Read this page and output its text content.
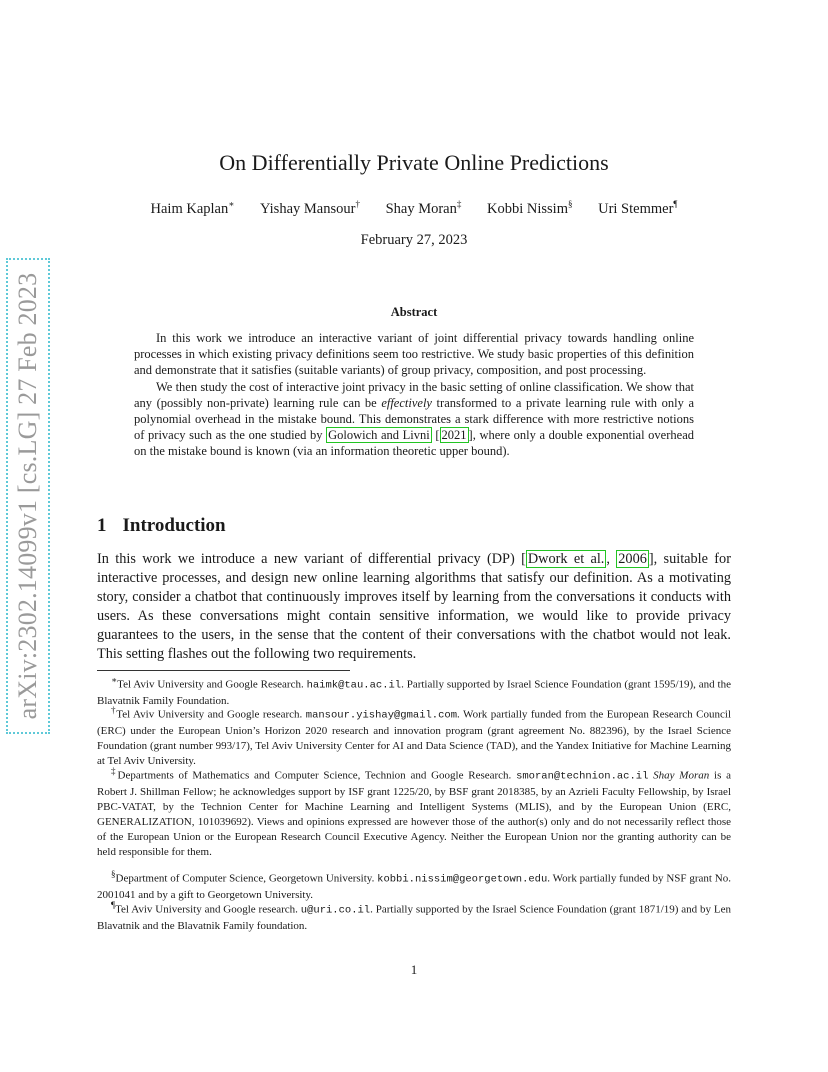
arXiv:2302.14099v1 [cs.LG] 27 Feb 2023
On Differentially Private Online Predictions
Haim Kaplan∗ Yishay Mansour† Shay Moran‡ Kobbi Nissim§ Uri Stemmer¶
February 27, 2023
Abstract

In this work we introduce an interactive variant of joint differential privacy towards handling online processes in which existing privacy definitions seem too restrictive. We study basic properties of this definition and demonstrate that it satisfies (suitable variants) of group privacy, composition, and post processing.

We then study the cost of interactive joint privacy in the basic setting of online classification. We show that any (possibly non-private) learning rule can be effectively transformed to a private learning rule with only a polynomial overhead in the mistake bound. This demonstrates a stark difference with more restrictive notions of privacy such as the one studied by Golowich and Livni [ 2021 ], where only a double exponential overhead on the mistake bound is known (via an information theoretic upper bound).

1 Introduction

In this work we introduce a new variant of differential privacy (DP) [ Dwork et al. , 2006 ], suitable for interactive processes, and design new online learning algorithms that satisfy our definition. As a motivating story, consider a chatbot that continuously improves itself by learning from the conversations it conducts with users. As these conversations might contain sensitive information, we would like to provide privacy guarantees to the users, in the sense that the content of their conversations with the chatbot would not leak. This setting flashes out the following two requirements.

∗Tel Aviv University and Google Research. haimk@tau.ac.il. Partially supported by Israel Science Foundation (grant 1595/19), and the Blavatnik Family Foundation.

†Tel Aviv University and Google research. mansour.yishay@gmail.com. Work partially funded from the European Research Council (ERC) under the European Union’s Horizon 2020 research and innovation program (grant agreement No. 882396), by the Israel Science Foundation (grant number 993/17), Tel Aviv University Center for AI and Data Science (TAD), and the Yandex Initiative for Machine Learning at Tel Aviv University.

‡Departments of Mathematics and Computer Science, Technion and Google Research. smoran@technion.ac.il Shay Moran is a Robert J. Shillman Fellow; he acknowledges support by ISF grant 1225/20, by BSF grant 2018385, by an Azrieli Faculty Fellowship, by Israel PBC-VATAT, by the Technion Center for Machine Learning and Intelligent Systems (MLIS), and by the European Union (ERC, GENERALIZATION, 101039692). Views and opinions expressed are however those of the author(s) only and do not necessarily reflect those of the European Union or the European Research Council Executive Agency. Neither the European Union nor the granting authority can be held responsible for them.

§Department of Computer Science, Georgetown University. kobbi.nissim@georgetown.edu. Work partially funded by NSF grant No. 2001041 and by a gift to Georgetown University.

¶Tel Aviv University and Google research. u@uri.co.il. Partially supported by the Israel Science Foundation (grant 1871/19) and by Len Blavatnik and the Blavatnik Family foundation.

1
